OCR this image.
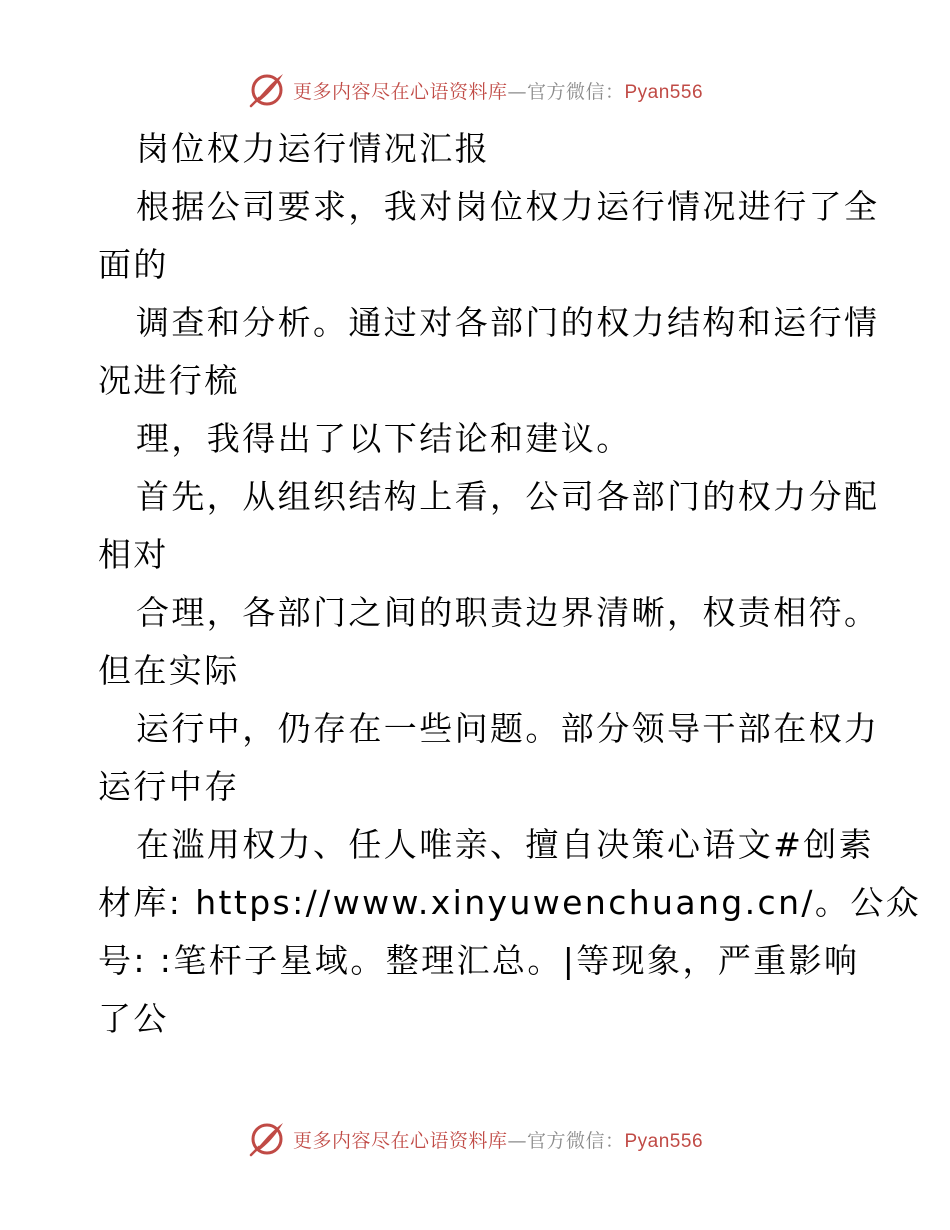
更多内容尽在心语资料库—官方微信：Pyan556
岗位权力运行情况汇报
根据公司要求，我对岗位权力运行情况进行了全
面的
调查和分析。通过对各部门的权力结构和运行情
况进行梳
理，我得出了以下结论和建议。
首先，从组织结构上看，公司各部门的权力分配
相对
合理，各部门之间的职责边界清晰，权责相符。
但在实际
运行中，仍存在一些问题。部分领导干部在权力
运行中存
在滥用权力、任人唯亲、擅自决策心语文#创素
材库: https://www.xinyuwenchuang.cn/。公众
号: :笔杆子星域。整理汇总。|等现象，严重影响
了公
更多内容尽在心语资料库—官方微信：Pyan556
